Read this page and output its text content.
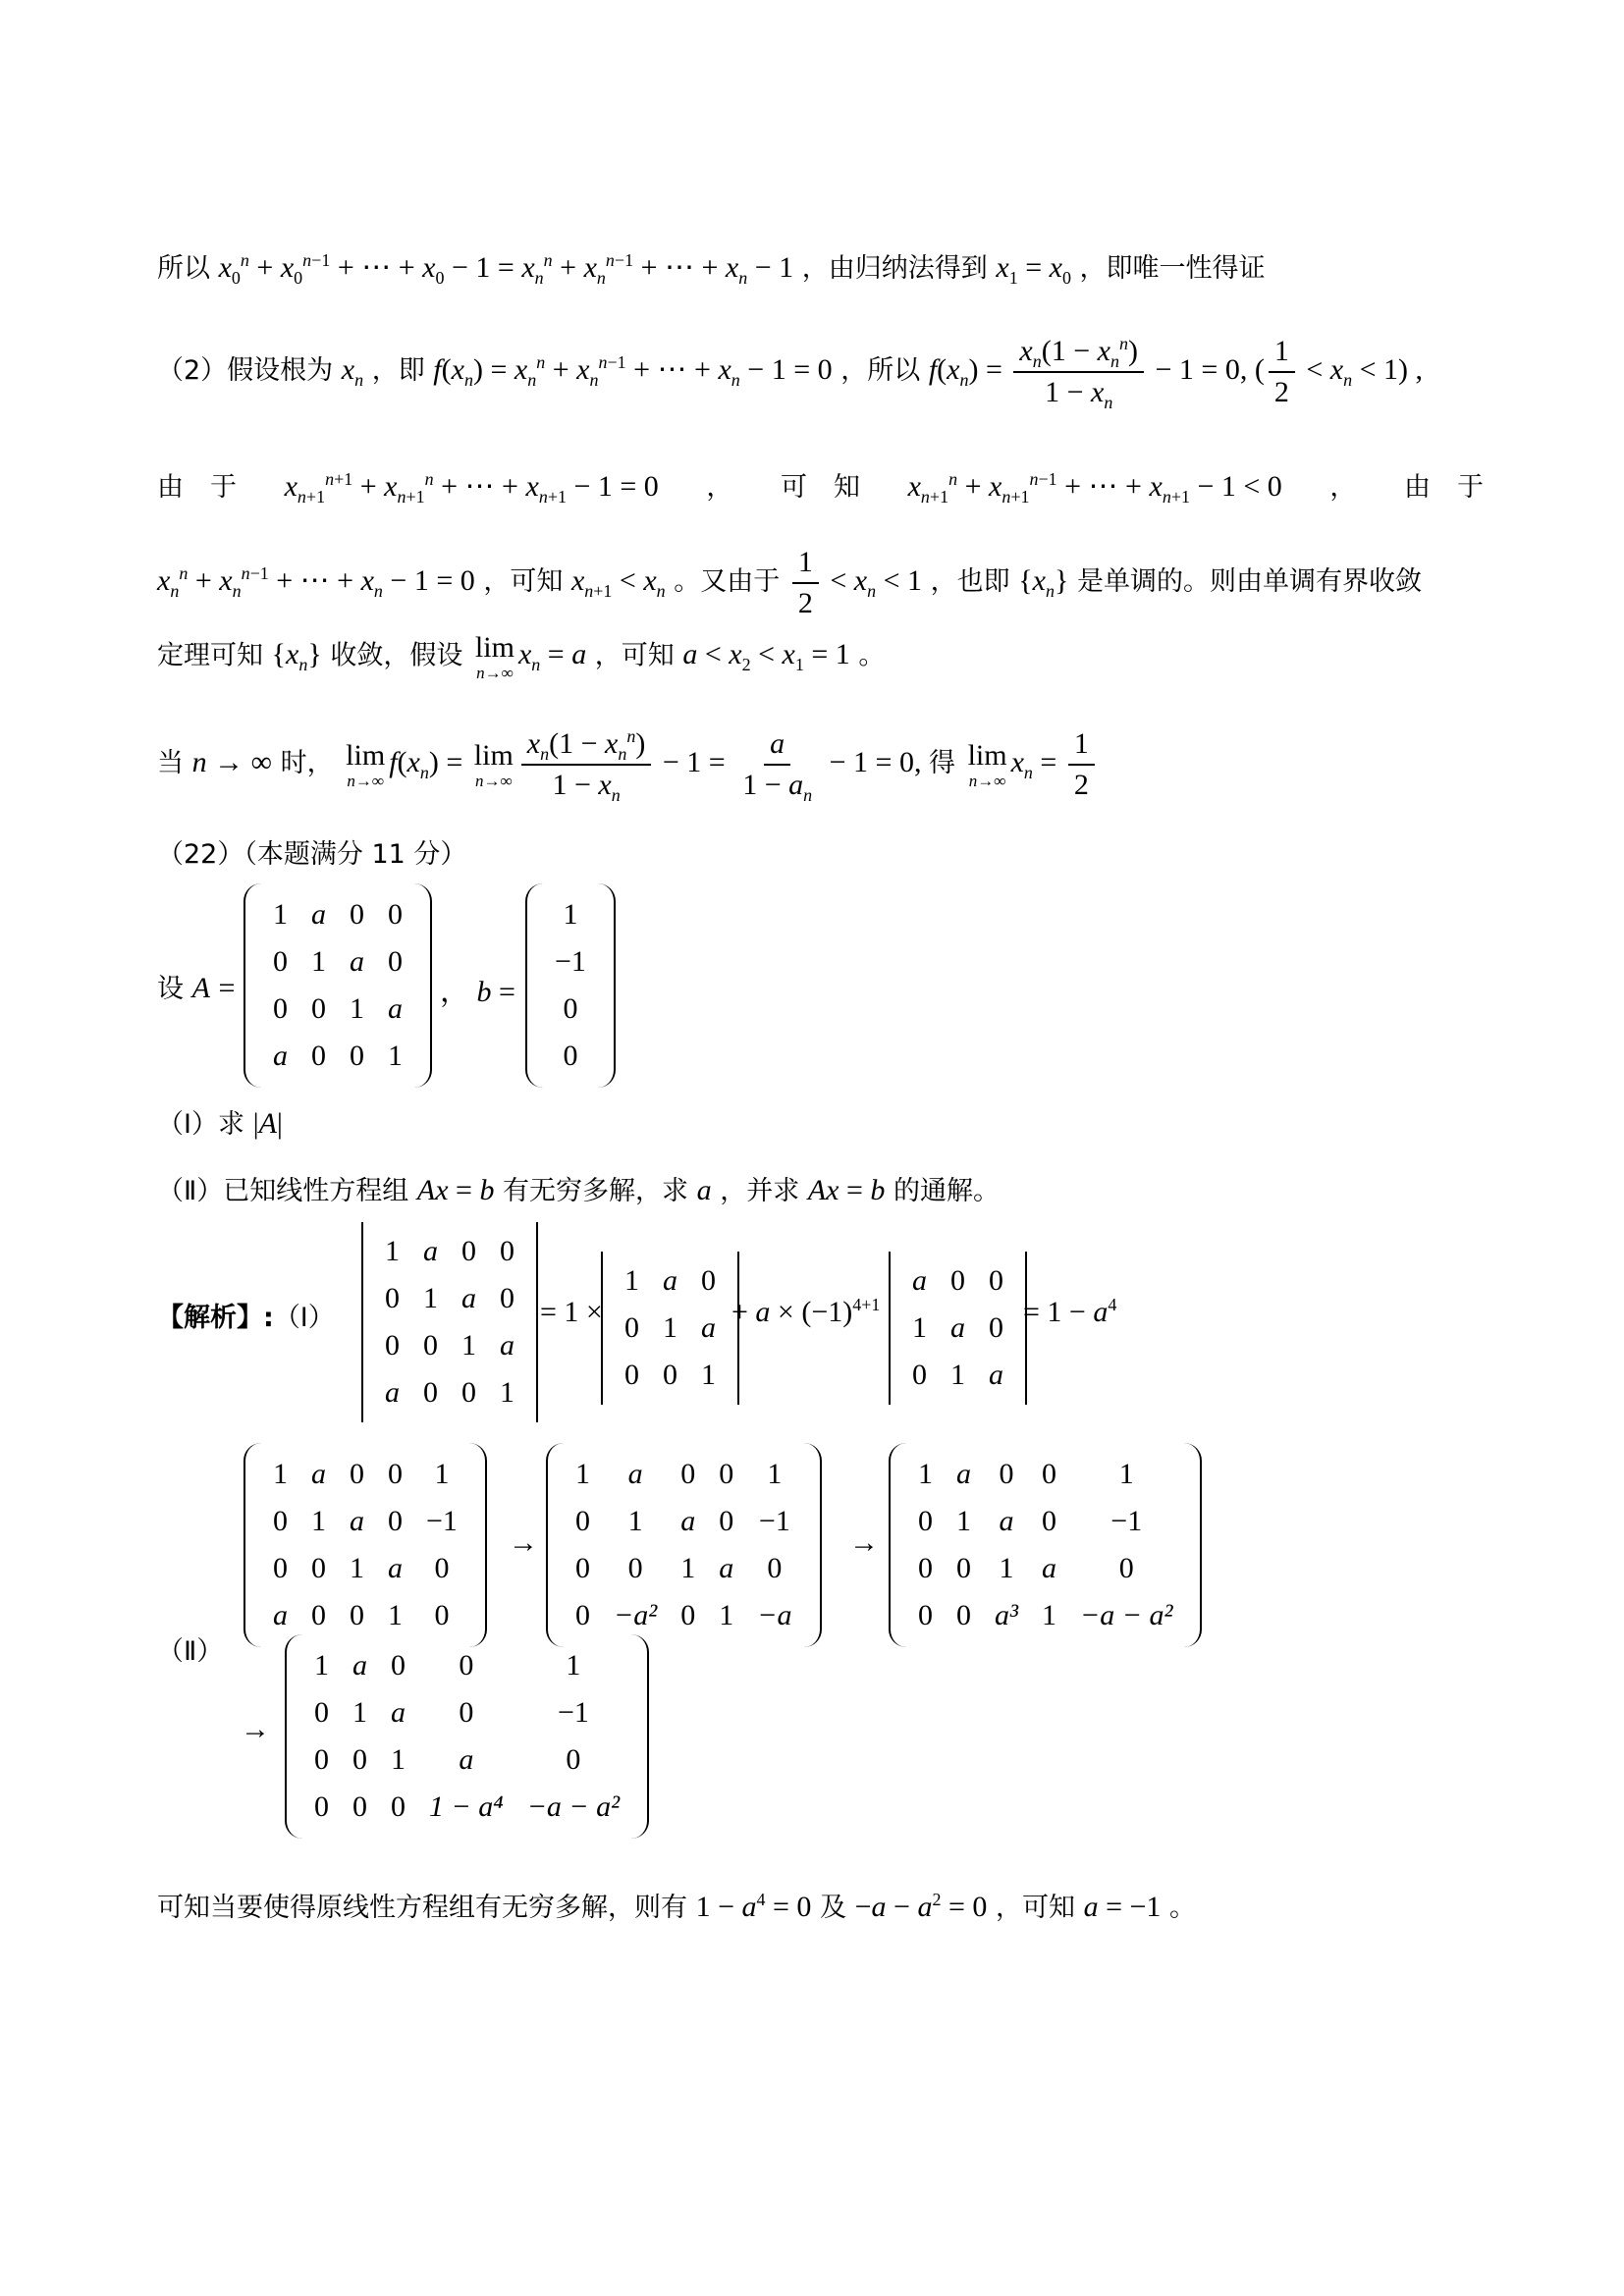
所以 $x_0^n + x_0^{n-1}$ + ⋯ + $x_0 - 1 = x_n^n + x_n^{n-1}$ + ⋯ + $x_n - 1$ ，由归纳法得到 $x_1 = x_0$ ，即唯一性得证
（2）假设根为 $x_n$ ，即 $f(x_n) = x_n^n + x_n^{n-1}$ + ⋯ + $x_n - 1 = 0$ ，所以 $f(x_n) = \frac{x_n(1 - x_n^n)}{1 - x_n} - 1 = 0$, ( $\frac{1}{2} < x_n < 1$) ,
由　于 $x_{n+1}^{n+1} + x_{n+1}^n$ + ⋯ + $x_{n+1} - 1 = 0$ ， 可　知 $x_{n+1}^n + x_{n+1}^{n-1}$ + ⋯ + $x_{n+1} - 1 < 0$ ， 由　于
$x_n^n + x_n^{n-1}$ + ⋯ + $x_n - 1 = 0$ ，可知 $x_{n+1} < x_n$ 。又由于 $\frac{1}{2} < x_n < 1$ ，也即 $\{x_n\}$ 是单调的。则由单调有界收敛
定理可知 $\{x_n\}$ 收敛，假设 lim
n→∞
$x_n = a$ ，可知 $a < x_2 < x_1 = 1$ 。
当 n → ∞ 时， lim
n→∞
$f(x_n) = \lim$
$n\to\infty \frac{x_n(1 - x_n^n)}{1 - x_n} - 1 = \frac{a}{1 - a_n} - 1 = 0$, 得 lim
n→∞
$x_n = \frac{1}{2}$
（22）（本题满分 11 分）
设 A =
1	a	0	0
0	1	a	0
0	0	1	a
a	0	0	1
， b =
1
−1
0
0
（Ⅰ）求 |A|
（Ⅱ）已知线性方程组 Ax = b 有无穷多解，求 a ，并求 Ax = b 的通解。
【解析】:（Ⅰ）
1	a	0	0
0	1	a	0
0	0	1	a
a	0	0	1
= 1 ×
1	a	0
0	1	a
0	0	1
+ $a \times (-1)^{4+1}$
a	0	0
1	a	0
0	1	a
= $1 - a^4$
（Ⅱ）
1	a	0	0	1
0	1	a	0	−1
0	0	1	a	0
a	0	0	1	0
→
1	a	0	0	1
0	1	a	0	−1
0	0	1	a	0
0	−a²	0	1	−a
→
1	a	0	0	1
0	1	a	0	−1
0	0	1	a	0
0	0	a³	1	−a − a²
→
1	a	0	0	1
0	1	a	0	−1
0	0	1	a	0
0	0	0	1 − a⁴	−a − a²
可知当要使得原线性方程组有无穷多解，则有 $1 - a^4 = 0$ 及 $-a - a^2 = 0$ ，可知 a = −1 。
